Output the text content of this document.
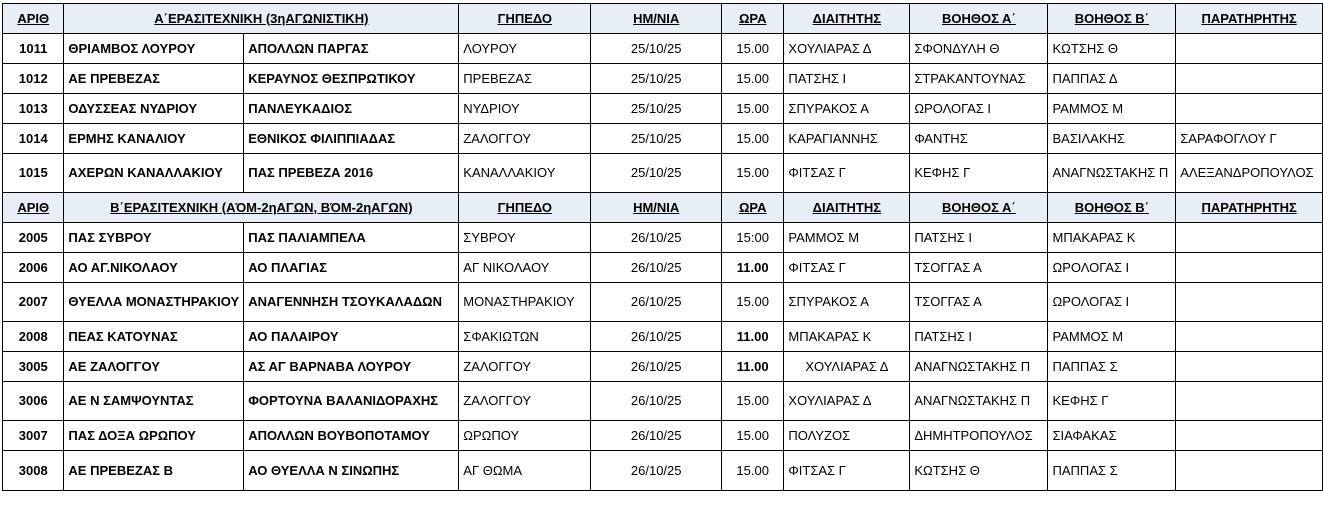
ΑΡΙΘ	Α΄ΕΡΑΣΙΤΕΧΝΙΚΗ (3ηΑΓΩΝΙΣΤΙΚΗ)		ΓΗΠΕΔΟ	ΗΜ/ΝΙΑ	ΩΡΑ	ΔΙΑΙΤΗΤΗΣ	ΒΟΗΘΟΣ Α΄	ΒΟΗΘΟΣ Β΄	ΠΑΡΑΤΗΡΗΤΗΣ
1011	ΘΡΙΑΜΒΟΣ ΛΟΥΡΟΥ	ΑΠΟΛΛΩΝ ΠΑΡΓΑΣ	ΛΟΥΡΟΥ	25/10/25	15.00	ΧΟΥΛΙΑΡΑΣ Δ	ΣΦΟΝΔΥΛΗ Θ	ΚΩΤΣΗΣ Θ	
1012	ΑΕ ΠΡΕΒΕΖΑΣ	ΚΕΡΑΥΝΟΣ ΘΕΣΠΡΩΤΙΚΟΥ	ΠΡΕΒΕΖΑΣ	25/10/25	15.00	ΠΑΤΣΗΣ Ι	ΣΤΡΑΚΑΝΤΟΥΝΑΣ	ΠΑΠΠΑΣ Δ	
1013	ΟΔΥΣΣΕΑΣ ΝΥΔΡΙΟΥ	ΠΑΝΛΕΥΚΑΔΙΟΣ	ΝΥΔΡΙΟΥ	25/10/25	15.00	ΣΠΥΡΑΚΟΣ Α	ΩΡΟΛΟΓΑΣ Ι	ΡΑΜΜΟΣ Μ	
1014	ΕΡΜΗΣ ΚΑΝΑΛΙΟΥ	ΕΘΝΙΚΟΣ ΦΙΛΙΠΠΙΑΔΑΣ	ΖΑΛΟΓΓΟΥ	25/10/25	15.00	ΚΑΡΑΓΙΑΝΝΗΣ	ΦΑΝΤΗΣ	ΒΑΣΙΛΑΚΗΣ	ΣΑΡΑΦΟΓΛΟΥ Γ
1015	ΑΧΕΡΩΝ ΚΑΝΑΛΛΑΚΙΟΥ	ΠΑΣ ΠΡΕΒΕΖΑ 2016	ΚΑΝΑΛΛΑΚΙΟΥ	25/10/25	15.00	ΦΙΤΣΑΣ Γ	ΚΕΦΗΣ Γ	ΑΝΑΓΝΩΣΤΑΚΗΣ Π	ΑΛΕΞΑΝΔΡΟΠΟΥΛΟΣ
ΑΡΙΘ	Β΄ΕΡΑΣΙΤΕΧΝΙΚΗ (ΑΌΜ-2ηΑΓΩΝ, ΒΌΜ-2ηΑΓΩΝ)		ΓΗΠΕΔΟ	ΗΜ/ΝΙΑ	ΩΡΑ	ΔΙΑΙΤΗΤΗΣ	ΒΟΗΘΟΣ Α΄	ΒΟΗΘΟΣ Β΄	ΠΑΡΑΤΗΡΗΤΗΣ
2005	ΠΑΣ ΣΥΒΡΟΥ	ΠΑΣ ΠΑΛΙΑΜΠΕΛΑ	ΣΥΒΡΟΥ	26/10/25	15:00	ΡΑΜΜΟΣ Μ	ΠΑΤΣΗΣ Ι	ΜΠΑΚΑΡΑΣ Κ	
2006	ΑΟ ΑΓ.ΝΙΚΟΛΑΟΥ	ΑΟ ΠΛΑΓΙΑΣ	ΑΓ ΝΙΚΟΛΑΟΥ	26/10/25	11.00	ΦΙΤΣΑΣ Γ	ΤΣΟΓΓΑΣ Α	ΩΡΟΛΟΓΑΣ Ι	
2007	ΘΥΕΛΛΑ ΜΟΝΑΣΤΗΡΑΚΙΟΥ	ΑΝΑΓΕΝΝΗΣΗ ΤΣΟΥΚΑΛΑΔΩΝ	ΜΟΝΑΣΤΗΡΑΚΙΟΥ	26/10/25	15.00	ΣΠΥΡΑΚΟΣ Α	ΤΣΟΓΓΑΣ Α	ΩΡΟΛΟΓΑΣ Ι	
2008	ΠΕΑΣ ΚΑΤΟΥΝΑΣ	ΑΟ ΠΑΛΑΙΡΟΥ	ΣΦΑΚΙΩΤΩΝ	26/10/25	11.00	ΜΠΑΚΑΡΑΣ Κ	ΠΑΤΣΗΣ Ι	ΡΑΜΜΟΣ Μ	
3005	ΑΕ ΖΑΛΟΓΓΟΥ	ΑΣ ΑΓ ΒΑΡΝΑΒΑ ΛΟΥΡΟΥ	ΖΑΛΟΓΓΟΥ	26/10/25	11.00	ΧΟΥΛΙΑΡΑΣ Δ	ΑΝΑΓΝΩΣΤΑΚΗΣ Π	ΠΑΠΠΑΣ Σ	
3006	ΑΕ Ν ΣΑΜΨΟΥΝΤΑΣ	ΦΟΡΤΟΥΝΑ ΒΑΛΑΝΙΔΟΡΑΧΗΣ	ΖΑΛΟΓΓΟΥ	26/10/25	15.00	ΧΟΥΛΙΑΡΑΣ Δ	ΑΝΑΓΝΩΣΤΑΚΗΣ Π	ΚΕΦΗΣ Γ	
3007	ΠΑΣ ΔΟΞΑ ΩΡΩΠΟΥ	ΑΠΟΛΛΩΝ ΒΟΥΒΟΠΟΤΑΜΟΥ	ΩΡΩΠΟΥ	26/10/25	15.00	ΠΟΛΥΖΟΣ	ΔΗΜΗΤΡΟΠΟΥΛΟΣ	ΣΙΑΦΑΚΑΣ	
3008	ΑΕ ΠΡΕΒΕΖΑΣ Β	ΑΟ ΘΥΕΛΛΑ Ν ΣΙΝΩΠΗΣ	ΑΓ ΘΩΜΑ	26/10/25	15.00	ΦΙΤΣΑΣ Γ	ΚΩΤΣΗΣ Θ	ΠΑΠΠΑΣ Σ	
